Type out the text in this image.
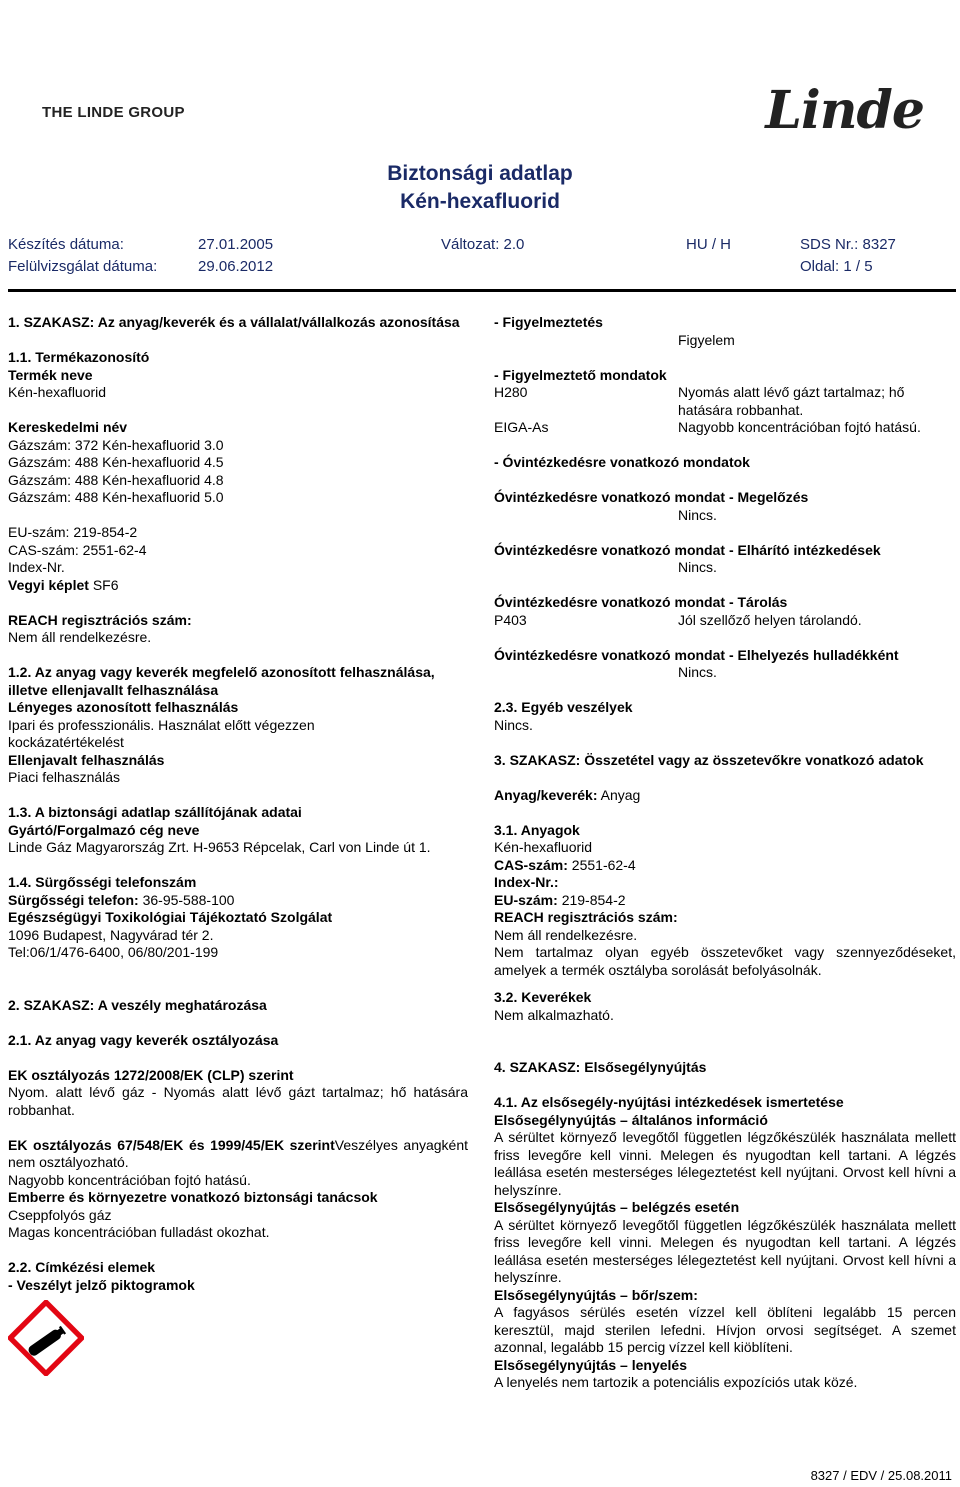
THE LINDE GROUP	Linde
Biztonsági adatlap
Kén-hexafluorid
Készítés dátuma:	27.01.2005	Változat: 2.0	HU / H	SDS Nr.: 8327
Felülvizsgálat dátuma:	29.06.2012	Oldal: 1 / 5
1. SZAKASZ: Az anyag/keverék és a vállalat/vállalkozás azonosítása
1.1. Termékazonosító
Termék neve
Kén-hexafluorid
Kereskedelmi név
Gázszám: 372 Kén-hexafluorid 3.0
Gázszám: 488 Kén-hexafluorid 4.5
Gázszám: 488 Kén-hexafluorid 4.8
Gázszám: 488 Kén-hexafluorid 5.0
EU-szám: 219-854-2
CAS-szám: 2551-62-4
Index-Nr.
Vegyi képlet SF6
REACH regisztrációs szám:
Nem áll rendelkezésre.
1.2. Az anyag vagy keverék megfelelő azonosított felhasználása, illetve ellenjavallt felhasználása
Lényeges azonosított felhasználás
Ipari és professzionális. Használat előtt végezzen
kockázatértékelést
Ellenjavalt felhasználás
Piaci felhasználás
1.3. A biztonsági adatlap szállítójának adatai
Gyártó/Forgalmazó cég neve
Linde Gáz Magyarország Zrt. H-9653 Répcelak, Carl von Linde út 1.
1.4. Sürgősségi telefonszám
Sürgősségi telefon: 36-95-588-100
Egészségügyi Toxikológiai Tájékoztató Szolgálat
1096 Budapest, Nagyvárad tér 2.
Tel:06/1/476-6400, 06/80/201-199
2. SZAKASZ: A veszély meghatározása
2.1. Az anyag vagy keverék osztályozása
EK osztályozás 1272/2008/EK (CLP) szerint
Nyom. alatt lévő gáz - Nyomás alatt lévő gázt tartalmaz; hő hatására robbanhat.
EK osztályozás 67/548/EK és 1999/45/EK szerintVeszélyes anyagként nem osztályozható.
Nagyobb koncentrációban fojtó hatású.
Emberre és környezetre vonatkozó biztonsági tanácsok
Cseppfolyós gáz
Magas koncentrációban fulladást okozhat.
2.2. Címkézési elemek
- Veszélyt jelző piktogramok
- Figyelmeztetés
Figyelem
- Figyelmeztető mondatok
H280	Nyomás alatt lévő gázt tartalmaz; hő hatására robbanhat.
EIGA-As	Nagyobb koncentrációban fojtó hatású.
- Óvintézkedésre vonatkozó mondatok
Óvintézkedésre vonatkozó mondat - Megelőzés
Nincs.
Óvintézkedésre vonatkozó mondat - Elhárító intézkedések
Nincs.
Óvintézkedésre vonatkozó mondat - Tárolás
P403	Jól szellőző helyen tárolandó.
Óvintézkedésre vonatkozó mondat - Elhelyezés hulladékként
Nincs.
2.3. Egyéb veszélyek
Nincs.
3. SZAKASZ: Összetétel vagy az összetevőkre vonatkozó adatok
Anyag/keverék: Anyag
3.1. Anyagok
Kén-hexafluorid
CAS-szám: 2551-62-4
Index-Nr.:
EU-szám: 219-854-2
REACH regisztrációs szám:
Nem áll rendelkezésre.
Nem tartalmaz olyan egyéb összetevőket vagy szennyeződéseket, amelyek a termék osztályba sorolását befolyásolnák.
3.2. Keverékek
Nem alkalmazható.
4. SZAKASZ: Elsősegélynyújtás
4.1. Az elsősegély-nyújtási intézkedések ismertetése
Elsősegélynyújtás – általános információ
A sérültet környező levegőtől független légzőkészülék használata mellett friss levegőre kell vinni. Melegen és nyugodtan kell tartani. A légzés leállása esetén mesterséges lélegeztetést kell nyújtani. Orvost kell hívni a helyszínre.
Elsősegélynyújtás – belégzés esetén
A sérültet környező levegőtől független légzőkészülék használata mellett friss levegőre kell vinni. Melegen és nyugodtan kell tartani. A légzés leállása esetén mesterséges lélegeztetést kell nyújtani. Orvost kell hívni a helyszínre.
Elsősegélynyújtás – bőr/szem:
A fagyásos sérülés esetén vízzel kell öblíteni legalább 15 percen keresztül, majd sterilen lefedni. Hívjon orvosi segítséget. A szemet azonnal, legalább 15 percig vízzel kell kiöblíteni.
Elsősegélynyújtás – lenyelés
A lenyelés nem tartozik a potenciális expozíciós utak közé.
8327 / EDV / 25.08.2011
